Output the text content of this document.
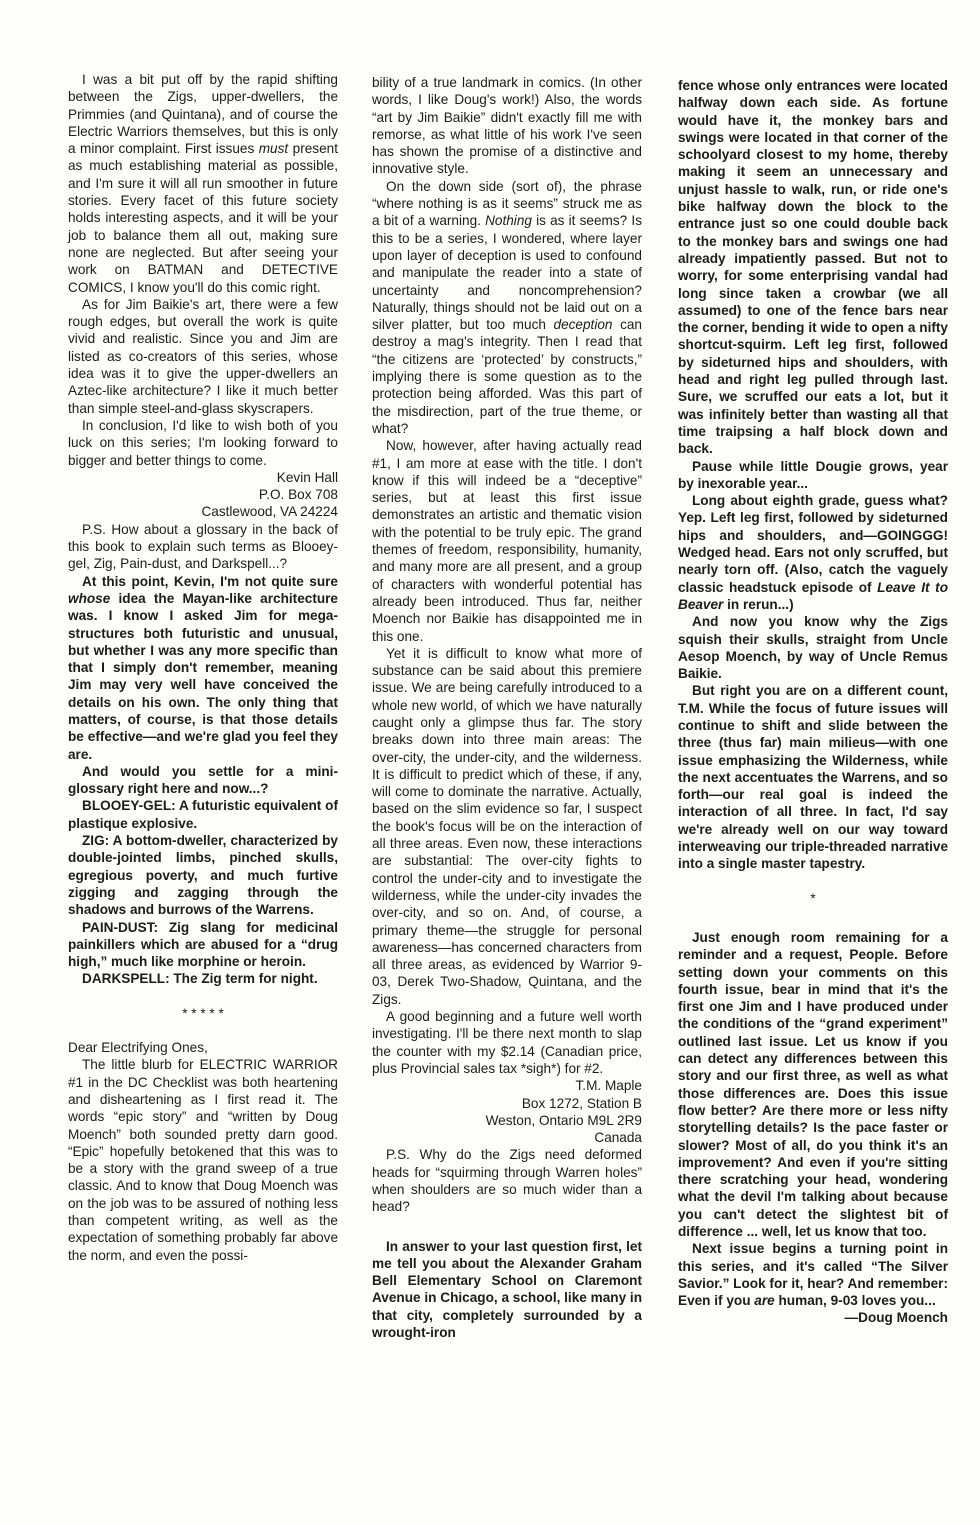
I was a bit put off by the rapid shifting between the Zigs, upper-dwellers, the Primmies (and Quintana), and of course the Electric Warriors themselves, but this is only a minor complaint. First issues must present as much establishing material as possible, and I'm sure it will all run smoother in future stories. Every facet of this future society holds interesting aspects, and it will be your job to balance them all out, making sure none are neglected. But after seeing your work on BATMAN and DETECTIVE COMICS, I know you'll do this comic right.

As for Jim Baikie's art, there were a few rough edges, but overall the work is quite vivid and realistic. Since you and Jim are listed as co-creators of this series, whose idea was it to give the upper-dwellers an Aztec-like architecture? I like it much better than simple steel-and-glass skyscrapers.

In conclusion, I'd like to wish both of you luck on this series; I'm looking forward to bigger and better things to come.

Kevin Hall
P.O. Box 708
Castlewood, VA 24224

P.S. How about a glossary in the back of this book to explain such terms as Blooey-gel, Zig, Pain-dust, and Darkspell...?

At this point, Kevin, I'm not quite sure whose idea the Mayan-like architecture was. I know I asked Jim for mega-structures both futuristic and unusual, but whether I was any more specific than that I simply don't remember, meaning Jim may very well have conceived the details on his own. The only thing that matters, of course, is that those details be effective—and we're glad you feel they are.

And would you settle for a mini-glossary right here and now...?

BLOOEY-GEL: A futuristic equivalent of plastique explosive.

ZIG: A bottom-dweller, characterized by double-jointed limbs, pinched skulls, egregious poverty, and much furtive zigging and zagging through the shadows and burrows of the Warrens.

PAIN-DUST: Zig slang for medicinal painkillers which are abused for a “drug high,” much like morphine or heroin.

DARKSPELL: The Zig term for night.

* * * * *

Dear Electrifying Ones,

The little blurb for ELECTRIC WARRIOR #1 in the DC Checklist was both heartening and disheartening as I first read it. The words “epic story” and “written by Doug Moench” both sounded pretty darn good. “Epic” hopefully betokened that this was to be a story with the grand sweep of a true classic. And to know that Doug Moench was on the job was to be assured of nothing less than competent writing, as well as the expectation of something probably far above the norm, and even the possi-

bility of a true landmark in comics. (In other words, I like Doug's work!) Also, the words “art by Jim Baikie” didn't exactly fill me with remorse, as what little of his work I've seen has shown the promise of a distinctive and innovative style.

On the down side (sort of), the phrase “where nothing is as it seems” struck me as a bit of a warning. Nothing is as it seems? Is this to be a series, I wondered, where layer upon layer of deception is used to confound and manipulate the reader into a state of uncertainty and noncomprehension? Naturally, things should not be laid out on a silver platter, but too much deception can destroy a mag's integrity. Then I read that “the citizens are ‘protected’ by constructs,” implying there is some question as to the protection being afforded. Was this part of the misdirection, part of the true theme, or what?

Now, however, after having actually read #1, I am more at ease with the title. I don't know if this will indeed be a “deceptive” series, but at least this first issue demonstrates an artistic and thematic vision with the potential to be truly epic. The grand themes of freedom, responsibility, humanity, and many more are all present, and a group of characters with wonderful potential has already been introduced. Thus far, neither Moench nor Baikie has disappointed me in this one.

Yet it is difficult to know what more of substance can be said about this premiere issue. We are being carefully introduced to a whole new world, of which we have naturally caught only a glimpse thus far. The story breaks down into three main areas: The over-city, the under-city, and the wilderness. It is difficult to predict which of these, if any, will come to dominate the narrative. Actually, based on the slim evidence so far, I suspect the book's focus will be on the interaction of all three areas. Even now, these interactions are substantial: The over-city fights to control the under-city and to investigate the wilderness, while the under-city invades the over-city, and so on. And, of course, a primary theme—the struggle for personal awareness—has concerned characters from all three areas, as evidenced by Warrior 9-03, Derek Two-Shadow, Quintana, and the Zigs.

A good beginning and a future well worth investigating. I'll be there next month to slap the counter with my $2.14 (Canadian price, plus Provincial sales tax *sigh*) for #2.

T.M. Maple
Box 1272, Station B
Weston, Ontario M9L 2R9
Canada

P.S. Why do the Zigs need deformed heads for “squirming through Warren holes” when shoulders are so much wider than a head?

In answer to your last question first, let me tell you about the Alexander Graham Bell Elementary School on Claremont Avenue in Chicago, a school, like many in that city, completely surrounded by a wrought-iron

fence whose only entrances were located halfway down each side. As fortune would have it, the monkey bars and swings were located in that corner of the schoolyard closest to my home, thereby making it seem an unnecessary and unjust hassle to walk, run, or ride one's bike halfway down the block to the entrance just so one could double back to the monkey bars and swings one had already impatiently passed. But not to worry, for some enterprising vandal had long since taken a crowbar (we all assumed) to one of the fence bars near the corner, bending it wide to open a nifty shortcut-squirm. Left leg first, followed by sideturned hips and shoulders, with head and right leg pulled through last. Sure, we scruffed our eats a lot, but it was infinitely better than wasting all that time traipsing a half block down and back.

Pause while little Dougie grows, year by inexorable year...

Long about eighth grade, guess what? Yep. Left leg first, followed by sideturned hips and shoulders, and—GOINGGG! Wedged head. Ears not only scruffed, but nearly torn off. (Also, catch the vaguely classic headstuck episode of Leave It to Beaver in rerun...)

And now you know why the Zigs squish their skulls, straight from Uncle Aesop Moench, by way of Uncle Remus Baikie.

But right you are on a different count, T.M. While the focus of future issues will continue to shift and slide between the three (thus far) main milieus—with one issue emphasizing the Wilderness, while the next accentuates the Warrens, and so forth—our real goal is indeed the interaction of all three. In fact, I'd say we're already well on our way toward interweaving our triple-threaded narrative into a single master tapestry.

*

Just enough room remaining for a reminder and a request, People. Before setting down your comments on this fourth issue, bear in mind that it's the first one Jim and I have produced under the conditions of the “grand experiment” outlined last issue. Let us know if you can detect any differences between this story and our first three, as well as what those differences are. Does this issue flow better? Are there more or less nifty storytelling details? Is the pace faster or slower? Most of all, do you think it's an improvement? And even if you're sitting there scratching your head, wondering what the devil I'm talking about because you can't detect the slightest bit of difference ... well, let us know that too.

Next issue begins a turning point in this series, and it's called “The Silver Savior.” Look for it, hear? And remember: Even if you are human, 9-03 loves you...

—Doug Moench
